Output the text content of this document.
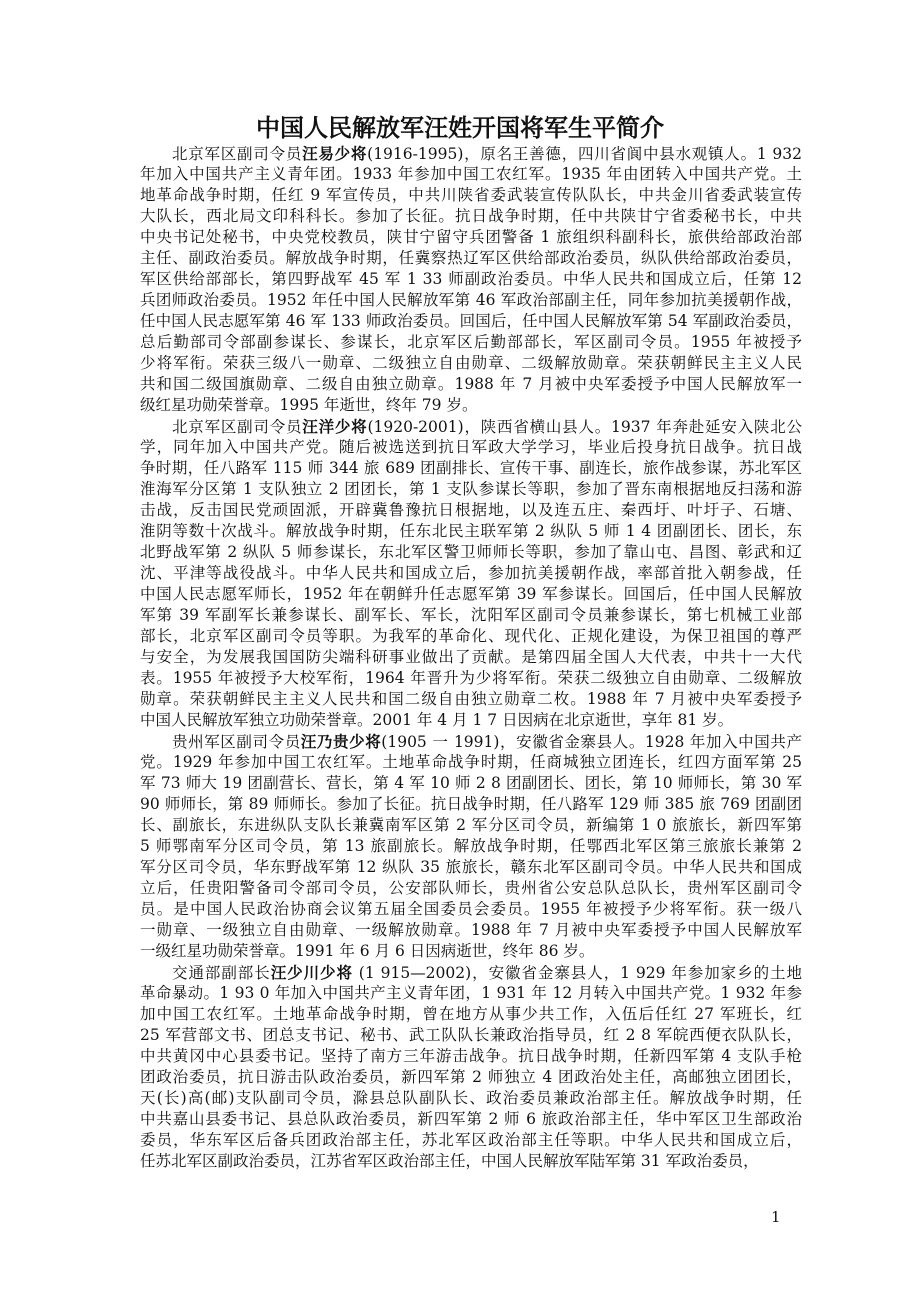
中国人民解放军汪姓开国将军生平简介
北京军区副司令员汪易少将(1916-1995)，原名王善德，四川省阆中县水观镇人。1 932
年加入中国共产主义青年团。1933 年参加中国工农红军。1935 年由团转入中国共产党。土
地革命战争时期，任红 9 军宣传员，中共川陕省委武装宣传队队长，中共金川省委武装宣传
大队长，西北局文印科科长。参加了长征。抗日战争时期，任中共陕甘宁省委秘书长，中共
中央书记处秘书，中央党校教员，陕甘宁留守兵团警备 1 旅组织科副科长，旅供给部政治部
主任、副政治委员。解放战争时期，任冀察热辽军区供给部政治委员，纵队供给部政治委员，
军区供给部部长，第四野战军 45 军 1 33 师副政治委员。中华人民共和国成立后，任第 12
兵团师政治委员。1952 年任中国人民解放军第 46 军政治部副主任，同年参加抗美援朝作战，
任中国人民志愿军第 46 军 133 师政治委员。回国后，任中国人民解放军第 54 军副政治委员，
总后勤部司令部副参谋长、参谋长，北京军区后勤部部长，军区副司令员。1955 年被授予
少将军衔。荣获三级八一勋章、二级独立自由勋章、二级解放勋章。荣获朝鲜民主主义人民
共和国二级国旗勋章、二级自由独立勋章。1988 年 7 月被中央军委授予中国人民解放军一
级红星功勋荣誉章。1995 年逝世，终年 79 岁。
北京军区副司令员汪洋少将(1920-2001)，陕西省横山县人。1937 年奔赴延安入陕北公
学，同年加入中国共产党。随后被选送到抗日军政大学学习，毕业后投身抗日战争。抗日战
争时期，任八路军 115 师 344 旅 689 团副排长、宣传干事、副连长，旅作战参谋，苏北军区
淮海军分区第 1 支队独立 2 团团长，第 1 支队参谋长等职，参加了晋东南根据地反扫荡和游
击战，反击国民党顽固派，开辟冀鲁豫抗日根据地，以及连五庄、秦西圩、叶圩子、石塘、
淮阴等数十次战斗。解放战争时期，任东北民主联军第 2 纵队 5 师 1 4 团副团长、团长，东
北野战军第 2 纵队 5 师参谋长，东北军区警卫师师长等职，参加了靠山屯、昌图、彰武和辽
沈、平津等战役战斗。中华人民共和国成立后，参加抗美援朝作战，率部首批入朝参战，任
中国人民志愿军师长，1952 年在朝鲜升任志愿军第 39 军参谋长。回国后，任中国人民解放
军第 39 军副军长兼参谋长、副军长、军长，沈阳军区副司令员兼参谋长，第七机械工业部
部长，北京军区副司令员等职。为我军的革命化、现代化、正规化建设，为保卫祖国的尊严
与安全，为发展我国国防尖端科研事业做出了贡献。是第四届全国人大代表，中共十一大代
表。1955 年被授予大校军衔，1964 年晋升为少将军衔。荣获二级独立自由勋章、二级解放
勋章。荣获朝鲜民主主义人民共和国二级自由独立勋章二枚。1988 年 7 月被中央军委授予
中国人民解放军独立功勋荣誉章。2001 年 4 月 1 7 日因病在北京逝世，享年 81 岁。
贵州军区副司令员汪乃贵少将(1905 一 1991)，安徽省金寨县人。1928 年加入中国共产
党。1929 年参加中国工农红军。土地革命战争时期，任商城独立团连长，红四方面军第 25
军 73 师大 19 团副营长、营长，第 4 军 10 师 2 8 团副团长、团长，第 10 师师长，第 30 军
90 师师长，第 89 师师长。参加了长征。抗日战争时期，任八路军 129 师 385 旅 769 团副团
长、副旅长，东进纵队支队长兼冀南军区第 2 军分区司令员，新编第 1 0 旅旅长，新四军第
5 师鄂南军分区司令员，第 13 旅副旅长。解放战争时期，任鄂西北军区第三旅旅长兼第 2
军分区司令员，华东野战军第 12 纵队 35 旅旅长，赣东北军区副司令员。中华人民共和国成
立后，任贵阳警备司令部司令员，公安部队师长，贵州省公安总队总队长，贵州军区副司令
员。是中国人民政治协商会议第五届全国委员会委员。1955 年被授予少将军衔。获一级八
一勋章、一级独立自由勋章、一级解放勋章。1988 年 7 月被中央军委授予中国人民解放军
一级红星功勋荣誉章。1991 年 6 月 6 日因病逝世，终年 86 岁。
交通部副部长汪少川少将 (1 915—2002)，安徽省金寨县人，1 929 年参加家乡的土地
革命暴动。1 93 0 年加入中国共产主义青年团，1 931 年 12 月转入中国共产党。1 932 年参
加中国工农红军。土地革命战争时期，曾在地方从事少共工作，入伍后任红 27 军班长，红
25 军营部文书、团总支书记、秘书、武工队队长兼政治指导员，红 2 8 军皖西便衣队队长，
中共黄冈中心县委书记。坚持了南方三年游击战争。抗日战争时期，任新四军第 4 支队手枪
团政治委员，抗日游击队政治委员，新四军第 2 师独立 4 团政治处主任，高邮独立团团长，
天(长)高(邮)支队副司令员，滁县总队副队长、政治委员兼政治部主任。解放战争时期，任
中共嘉山县委书记、县总队政治委员，新四军第 2 师 6 旅政治部主任，华中军区卫生部政治
委员，华东军区后备兵团政治部主任，苏北军区政治部主任等职。中华人民共和国成立后，
任苏北军区副政治委员，江苏省军区政治部主任，中国人民解放军陆军第 31 军政治委员，
1
